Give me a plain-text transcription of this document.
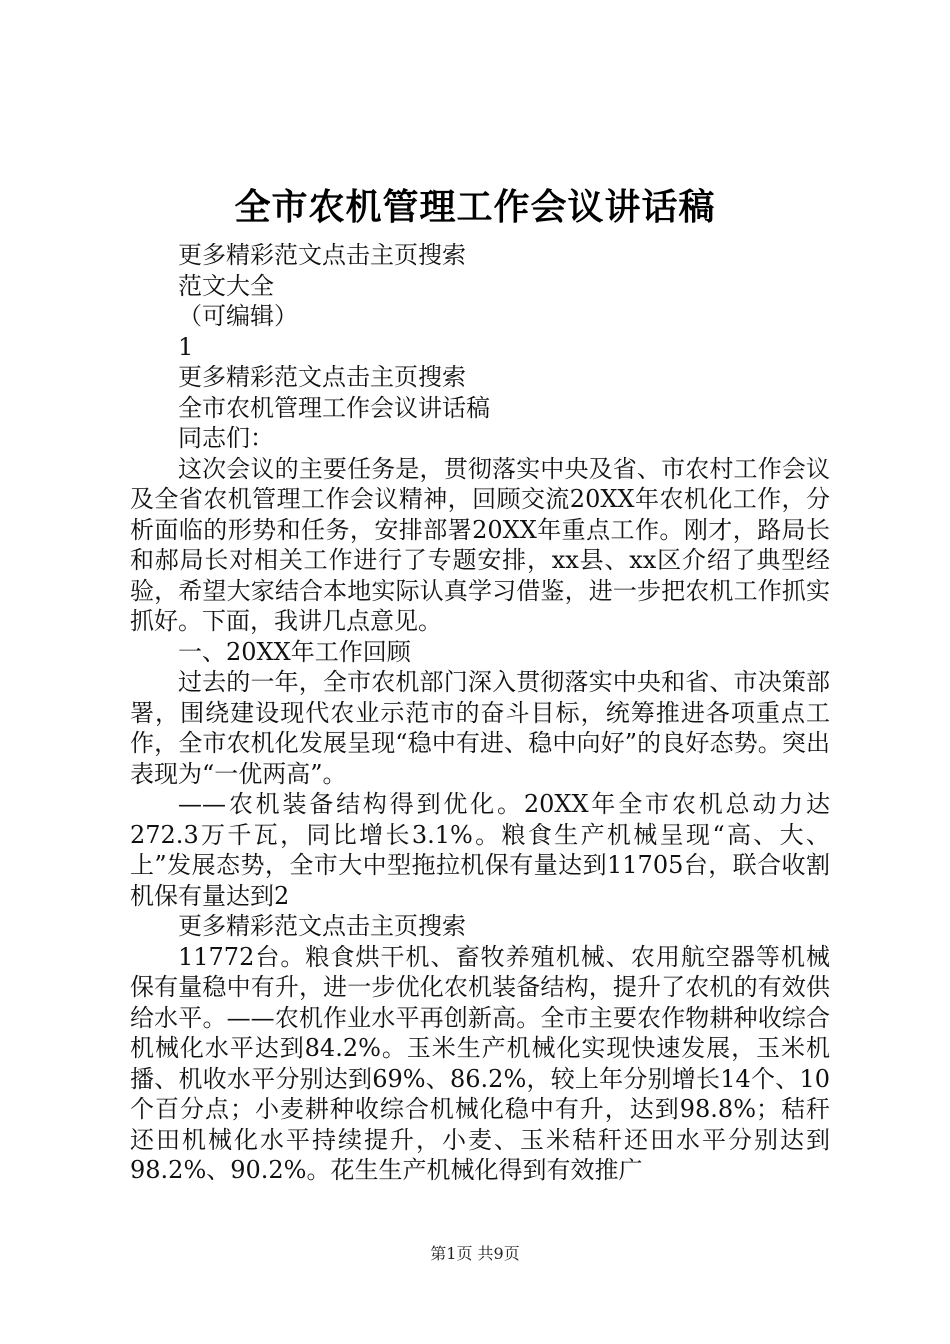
全市农机管理工作会议讲话稿
更多精彩范文点击主页搜索
范文大全
（可编辑）
1
更多精彩范文点击主页搜索
全市农机管理工作会议讲话稿
同志们：
这次会议的主要任务是，贯彻落实中央及省、市农村工作会议及全省农机管理工作会议精神，回顾交流20XX年农机化工作，分析面临的形势和任务，安排部署20XX年重点工作。刚才，路局长和郝局长对相关工作进行了专题安排，xx县、xx区介绍了典型经验，希望大家结合本地实际认真学习借鉴，进一步把农机工作抓实抓好。下面，我讲几点意见。
一、20XX年工作回顾
过去的一年，全市农机部门深入贯彻落实中央和省、市决策部署，围绕建设现代农业示范市的奋斗目标，统筹推进各项重点工作，全市农机化发展呈现“稳中有进、稳中向好”的良好态势。突出表现为“一优两高”。
——农机装备结构得到优化。20XX年全市农机总动力达272.3万千瓦，同比增长3.1%。粮食生产机械呈现“高、大、上”发展态势，全市大中型拖拉机保有量达到11705台，联合收割机保有量达到2
更多精彩范文点击主页搜索
11772台。粮食烘干机、畜牧养殖机械、农用航空器等机械保有量稳中有升，进一步优化农机装备结构，提升了农机的有效供给水平。——农机作业水平再创新高。全市主要农作物耕种收综合机械化水平达到84.2%。玉米生产机械化实现快速发展，玉米机播、机收水平分别达到69%、86.2%，较上年分别增长14个、10个百分点；小麦耕种收综合机械化稳中有升，达到98.8%；秸秆还田机械化水平持续提升，小麦、玉米秸秆还田水平分别达到98.2%、90.2%。花生生产机械化得到有效推广
第1页 共9页
